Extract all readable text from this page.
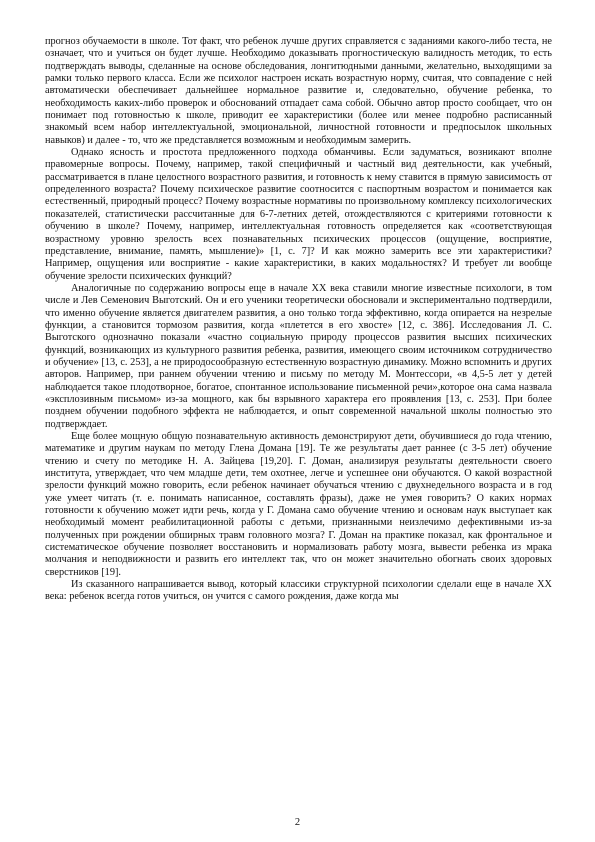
прогноз обучаемости в школе. Тот факт, что ребенок лучше других справляется с заданиями какого-либо теста, не означает, что и учиться он будет лучше. Необходимо доказывать прогностическую валидность методик, то есть подтверждать выводы, сделанные на основе обследования, лонгитюдными данными, желательно, выходящими за рамки только первого класса. Если же психолог настроен искать возрастную норму, считая, что совпадение с ней автоматически обеспечивает дальнейшее нормальное развитие и, следовательно, обучение ребенка, то необходимость каких-либо проверок и обоснований отпадает сама собой. Обычно автор просто сообщает, что он понимает под готовностью к школе, приводит ее характеристики (более или менее подробно расписанный знакомый всем набор интеллектуальной, эмоциональной, личностной готовности и предпосылок школьных навыков) и далее - то, что же представляется возможным и необходимым замерить.

Однако ясность и простота предложенного подхода обманчивы. Если задуматься, возникают вполне правомерные вопросы. Почему, например, такой специфичный и частный вид деятельности, как учебный, рассматривается в плане целостного возрастного развития, и готовность к нему ставится в прямую зависимость от определенного возраста? Почему психическое развитие соотносится с паспортным возрастом и понимается как естественный, природный процесс? Почему возрастные нормативы по произвольному комплексу психологических показателей, статистически рассчитанные для 6-7-летних детей, отождествляются с критериями готовности к обучению в школе? Почему, например, интеллектуальная готовность определяется как «соответствующая возрастному уровню зрелость всех познавательных психических процессов (ощущение, восприятие, представление, внимание, память, мышление)» [1, с. 7]? И как можно замерить все эти характеристики? Например, ощущения или восприятие - какие характеристики, в каких модальностях? И требует ли вообще обучение зрелости психических функций?

Аналогичные по содержанию вопросы еще в начале XX века ставили многие известные психологи, в том числе и Лев Семенович Выготский. Он и его ученики теоретически обосновали и экспериментально подтвердили, что именно обучение является двигателем развития, а оно только тогда эффективно, когда опирается на незрелые функции, а становится тормозом развития, когда «плетется в его хвосте» [12, с. 386]. Исследования Л. С. Выготского однозначно показали «частно социальную природу процессов развития высших психических функций, возникающих из культурного развития ребенка, развития, имеющего своим источником сотрудничество и обучение» [13, с. 253], а не природосообразную естественную возрастную динамику. Можно вспомнить и других авторов. Например, при раннем обучении чтению и письму по методу М. Монтессори, «в 4,5-5 лет у детей наблюдается такое плодотворное, богатое, спонтанное использование письменной речи»,которое она сама назвала «эксплозивным письмом» из-за мощного, как бы взрывного характера его проявления [13, с. 253]. При более позднем обучении подобного эффекта не наблюдается, и опыт современной начальной школы полностью это подтверждает.

Еще более мощную общую познавательную активность демонстрируют дети, обучившиеся до года чтению, математике и другим наукам по методу Глена Домана [19]. Те же результаты дает раннее (с 3-5 лет) обучение чтению и счету по методике Н. А. Зайцева [19,20]. Г. Доман, анализируя результаты деятельности своего института, утверждает, что чем младше дети, тем охотнее, легче и успешнее они обучаются. О какой возрастной зрелости функций можно говорить, если ребенок начинает обучаться чтению с двухнедельного возраста и в год уже умеет читать (т. е. понимать написанное, составлять фразы), даже не умея говорить? О каких нормах готовности к обучению может идти речь, когда у Г. Домана само обучение чтению и основам наук выступает как необходимый момент реабилитационной работы с детьми, признанными неизлечимо дефективными из-за полученных при рождении обширных травм головного мозга? Г. Доман на практике показал, как фронтальное и систематическое обучение позволяет восстановить и нормализовать работу мозга, вывести ребенка из мрака молчания и неподвижности и развить его интеллект так, что он может значительно обогнать своих здоровых сверстников [19].

Из сказанного напрашивается вывод, который классики структурной психологии сделали еще в начале XX века: ребенок всегда готов учиться, он учится с самого рождения, даже когда мы

2
